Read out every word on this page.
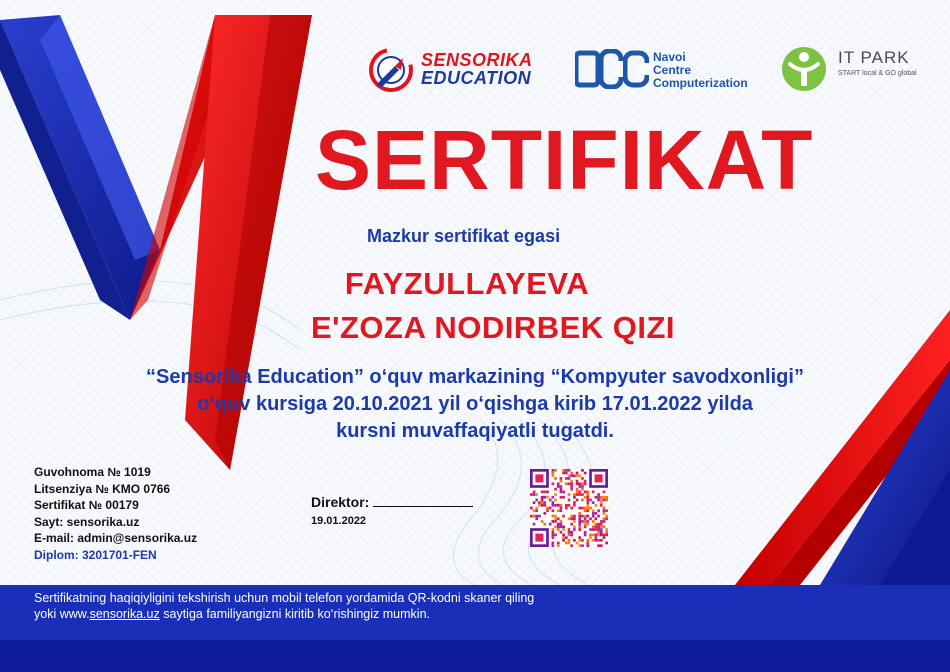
SENSORIKA
EDUCATION
Navoi
Centre
Computerization
IT PARK
START local & GO global
SERTIFIKAT
Mazkur sertifikat egasi
FAYZULLAYEVA
E'ZOZA NODIRBEK QIZI
“Sensorika Education” o‘quv markazining “Kompyuter savodxonligi”
o‘quv kursiga 20.10.2021 yil o‘qishga kirib 17.01.2022 yilda
kursni muvaffaqiyatli tugatdi.
Guvohnoma № 1019
Litsenziya № KMO 0766
Sertifikat № 00179
Sayt: sensorika.uz
E-mail: admin@sensorika.uz
Diplom: 3201701-FEN
Direktor:
19.01.2022
Sertifikatning haqiqiyligini tekshirish uchun mobil telefon yordamida QR-kodni skaner qiling
yoki www.sensorika.uz saytiga familiyangizni kiritib ko‘rishingiz mumkin.
